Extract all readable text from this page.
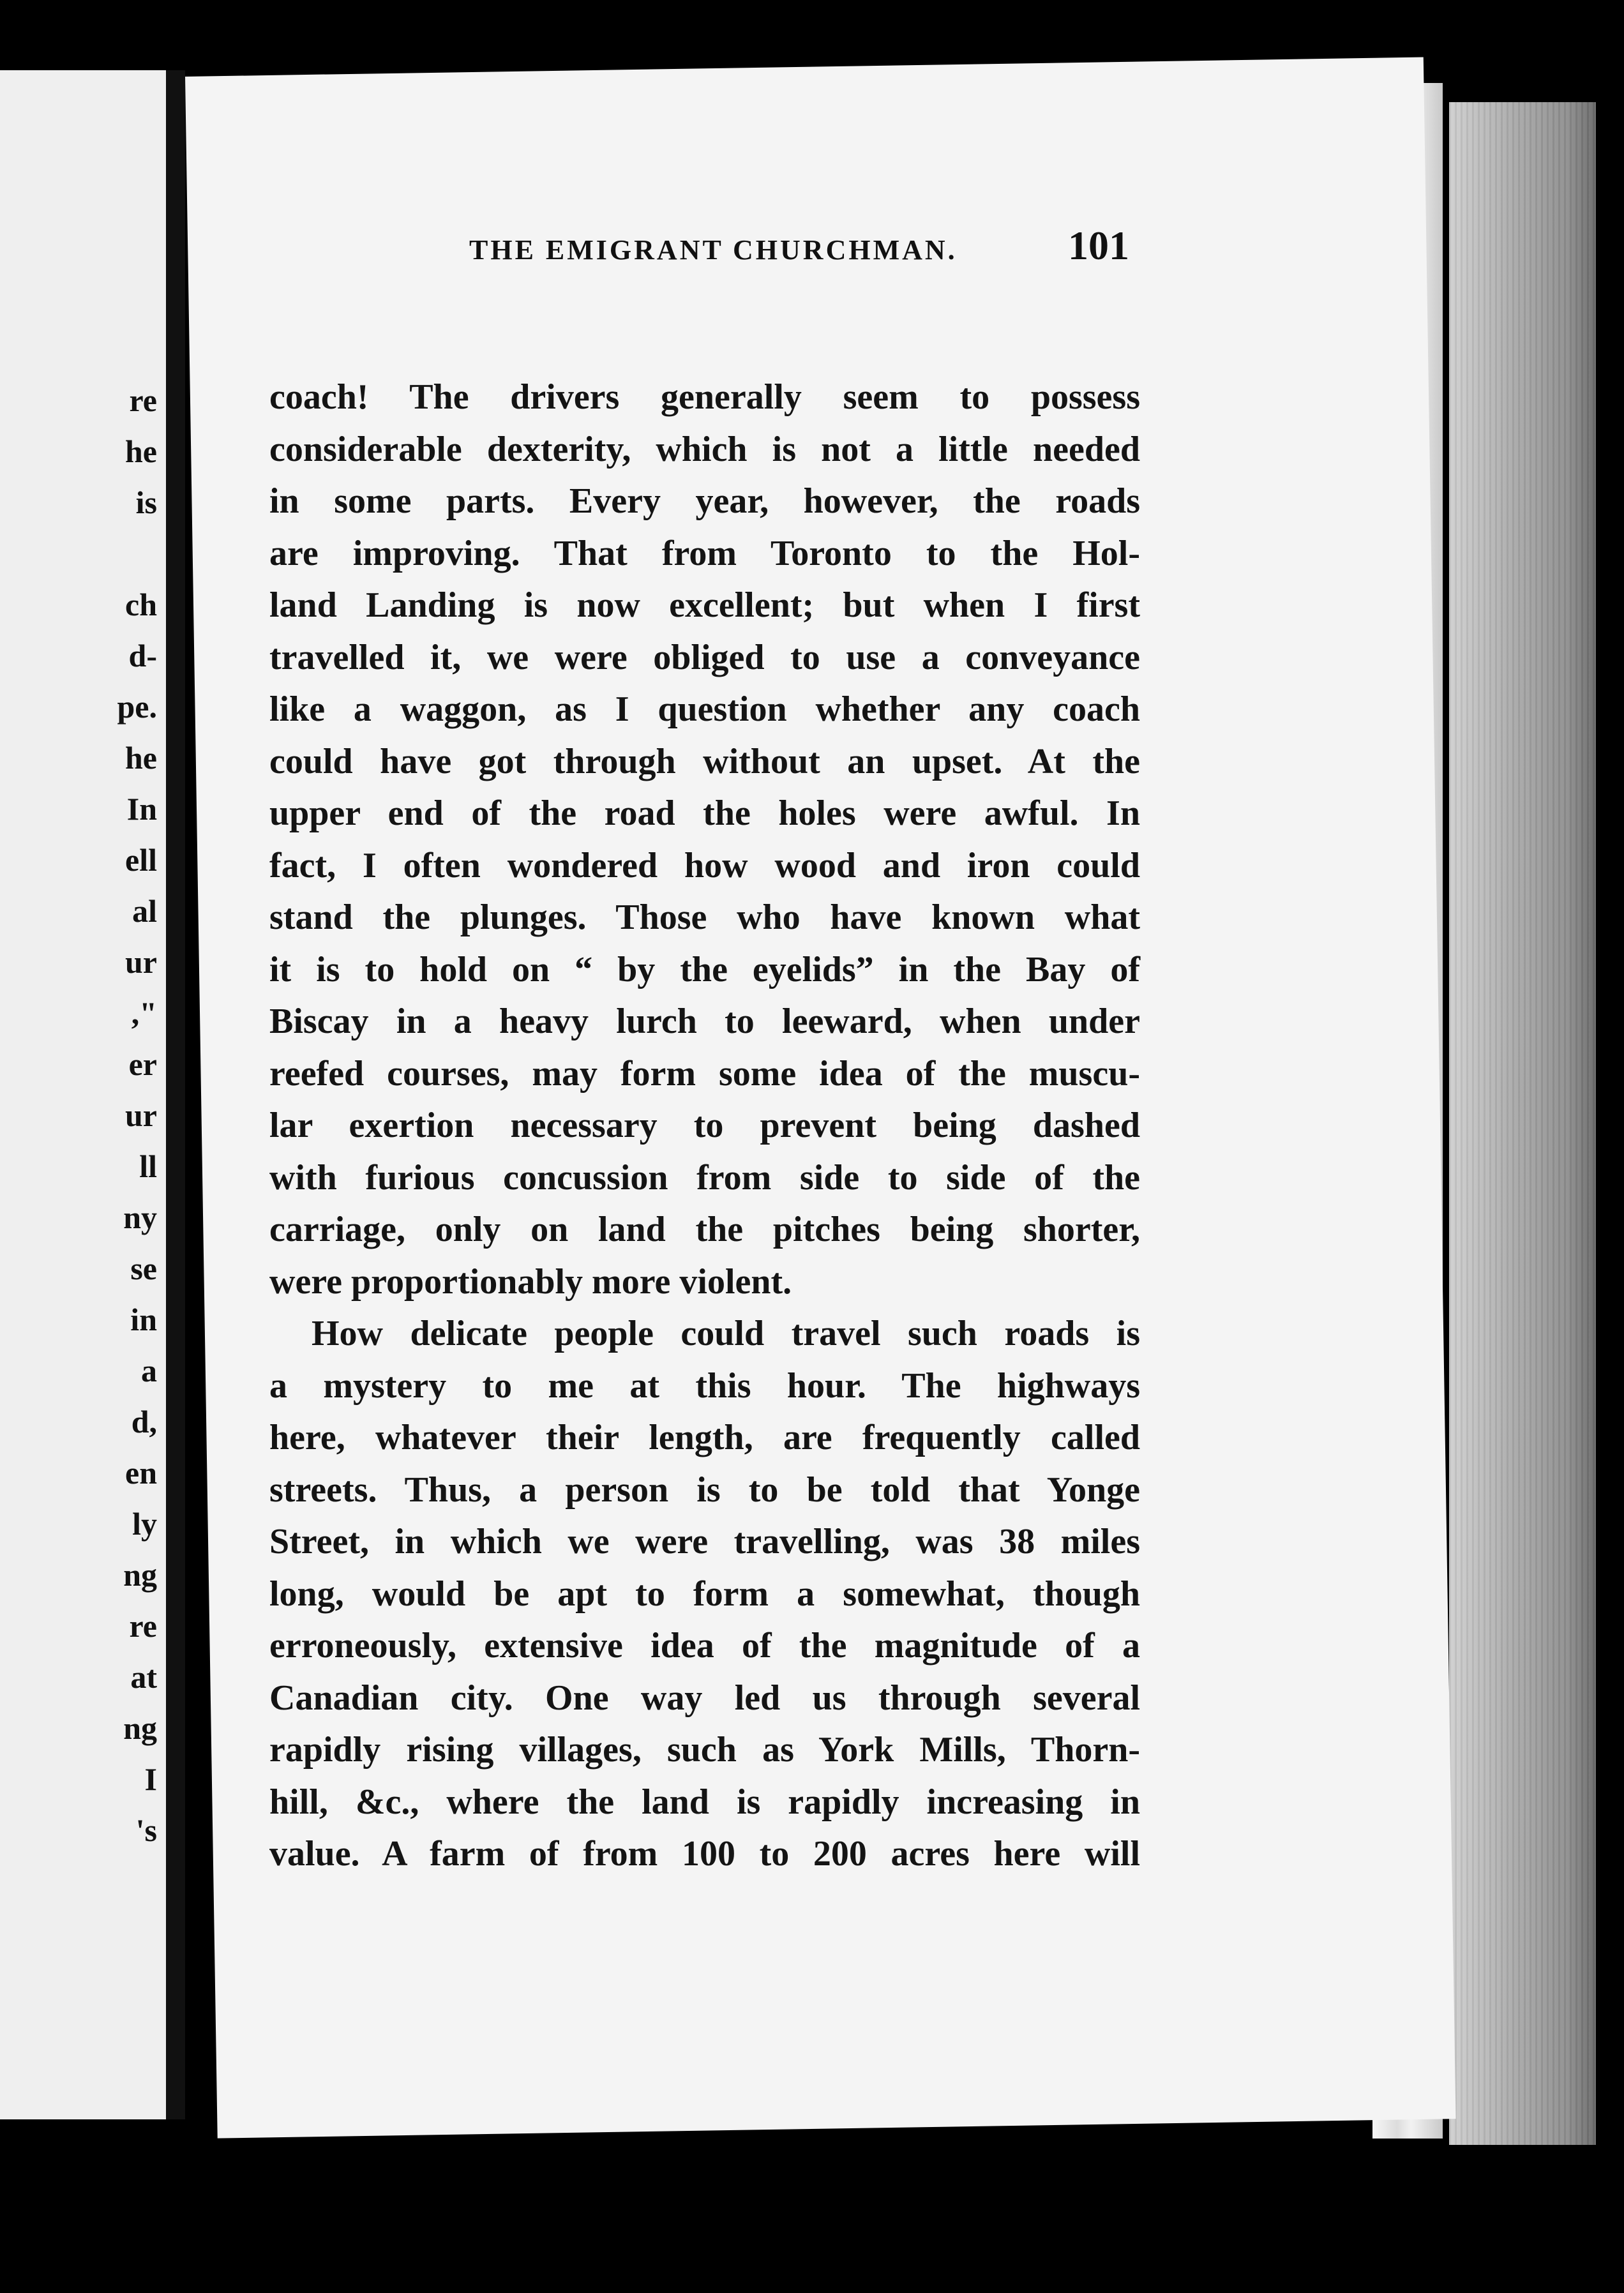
re
he
is
ch
d-
pe.
he
In
ell
al
ur
,"
er
ur
ll
ny
se
in
a
d,
en
ly
ng
re
at
ng
I
's
THE EMIGRANT CHURCHMAN.	101
coach! The drivers generally seem to possess
considerable dexterity, which is not a little needed
in some parts. Every year, however, the roads
are improving. That from Toronto to the Hol-
land Landing is now excellent; but when I first
travelled it, we were obliged to use a conveyance
like a waggon, as I question whether any coach
could have got through without an upset. At the
upper end of the road the holes were awful. In
fact, I often wondered how wood and iron could
stand the plunges. Those who have known what
it is to hold on “ by the eyelids” in the Bay of
Biscay in a heavy lurch to leeward, when under
reefed courses, may form some idea of the muscu-
lar exertion necessary to prevent being dashed
with furious concussion from side to side of the
carriage, only on land the pitches being shorter,
were proportionably more violent.
How delicate people could travel such roads is
a mystery to me at this hour. The highways
here, whatever their length, are frequently called
streets. Thus, a person is to be told that Yonge
Street, in which we were travelling, was 38 miles
long, would be apt to form a somewhat, though
erroneously, extensive idea of the magnitude of a
Canadian city. One way led us through several
rapidly rising villages, such as York Mills, Thorn-
hill, &c., where the land is rapidly increasing in
value. A farm of from 100 to 200 acres here will
